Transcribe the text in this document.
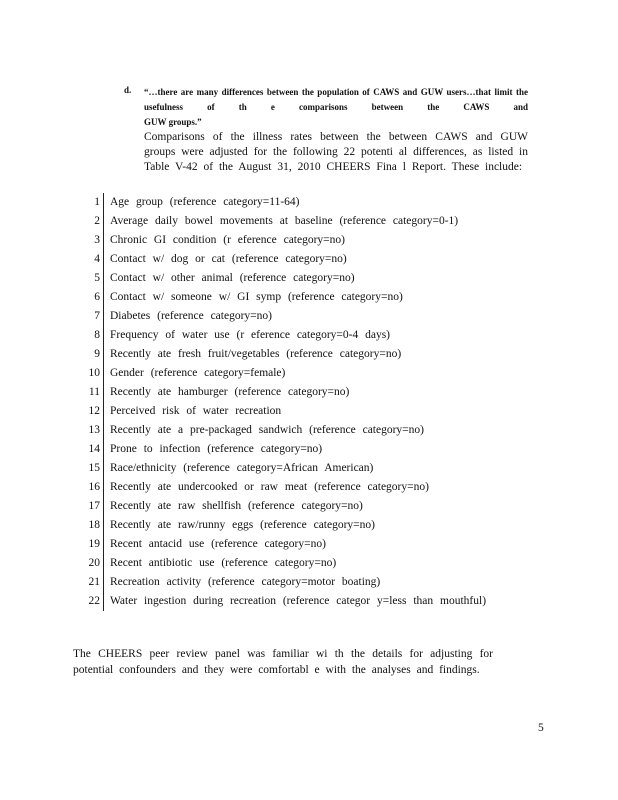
d. “…there are many differences between the population of CAWS and GUW users…that limit the usefulness of th e comparisons between the CAWS and
GUW groups.”

Comparisons of the illness rates between the between CAWS and GUW groups were adjusted for the following 22 potenti al differences, as listed in Table V-42 of the August 31, 2010 CHEERS Fina l Report. These include:

1 Age group (reference category=11-64)
2 Average daily bowel movements at baseline (reference category=0-1)
3 Chronic GI condition (r eference category=no)
4 Contact w/ dog or cat (reference category=no)
5 Contact w/ other animal (reference category=no)
6 Contact w/ someone w/ GI symp (reference category=no)
7 Diabetes (reference category=no)
8 Frequency of water use (r eference category=0-4 days)
9 Recently ate fresh fruit/vegetables (reference category=no)
10 Gender (reference category=female)
11 Recently ate hamburger (reference category=no)
12 Perceived risk of water recreation
13 Recently ate a pre-packaged sandwich (reference category=no)
14 Prone to infection (reference category=no)
15 Race/ethnicity (reference category=African American)
16 Recently ate undercooked or raw meat (reference category=no)
17 Recently ate raw shellfish (reference category=no)
18 Recently ate raw/runny eggs (reference category=no)
19 Recent antacid use (reference category=no)
20 Recent antibiotic use (reference category=no)
21 Recreation activity (reference category=motor boating)
22 Water ingestion during recreation (reference categor y=less than mouthful)

The CHEERS peer review panel was familiar wi th the details for adjusting for potential confounders and they were comfortabl e with the analyses and findings.

5
